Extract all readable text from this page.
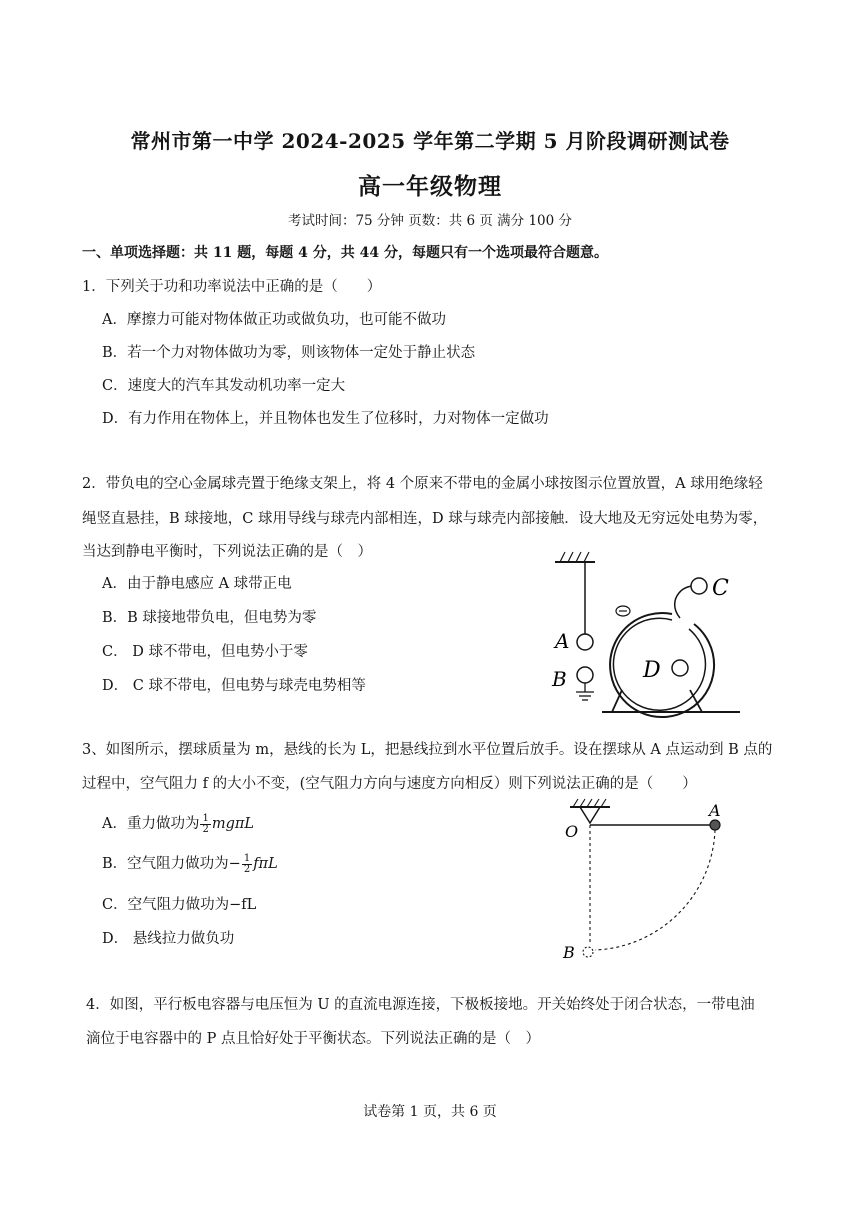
常州市第一中学 2024-2025 学年第二学期 5 月阶段调研测试卷
高一年级物理
考试时间：75 分钟 页数：共 6 页 满分 100 分
一、单项选择题：共 11 题，每题 4 分，共 44 分，每题只有一个选项最符合题意。
1．下列关于功和功率说法中正确的是（　　）
A．摩擦力可能对物体做正功或做负功，也可能不做功
B．若一个力对物体做功为零，则该物体一定处于静止状态
C．速度大的汽车其发动机功率一定大
D．有力作用在物体上，并且物体也发生了位移时，力对物体一定做功
2．带负电的空心金属球壳置于绝缘支架上，将 4 个原来不带电的金属小球按图示位置放置，A 球用绝缘轻
绳竖直悬挂，B 球接地，C 球用导线与球壳内部相连，D 球与球壳内部接触．设大地及无穷远处电势为零，
当达到静电平衡时，下列说法正确的是（　）
A．由于静电感应 A 球带正电
B．B 球接地带负电，但电势为零
C． D 球不带电，但电势小于零
D． C 球不带电，但电势与球壳电势相等
A
B
C
D
3、如图所示，摆球质量为 m，悬线的长为 L，把悬线拉到水平位置后放手。设在摆球从 A 点运动到 B 点的
过程中，空气阻力 f 的大小不变，(空气阻力方向与速度方向相反）则下列说法正确的是（　　）
A．重力做功为 $\frac{1}{2}$ mgπL
B．空气阻力做功为− $\frac{1}{2}$ fπL
C．空气阻力做功为−fL
D． 悬线拉力做负功
O
A
B
4．如图，平行板电容器与电压恒为 U 的直流电源连接，下极板接地。开关始终处于闭合状态，一带电油
滴位于电容器中的 P 点且恰好处于平衡状态。下列说法正确的是（　）
试卷第 1 页，共 6 页
